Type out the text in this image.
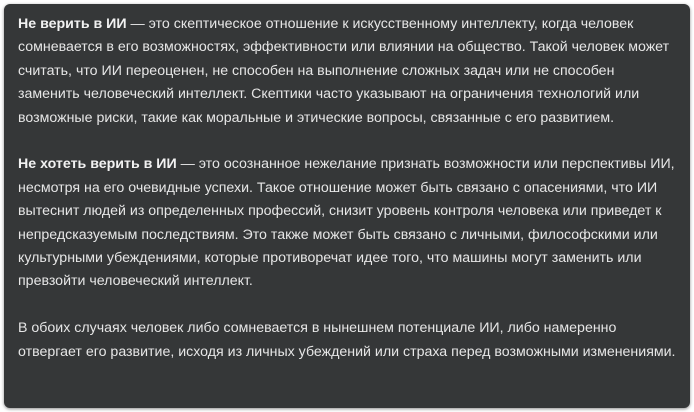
Не верить в ИИ — это скептическое отношение к искусственному интеллекту, когда человек сомневается в его возможностях, эффективности или влиянии на общество. Такой человек может считать, что ИИ переоценен, не способен на выполнение сложных задач или не способен заменить человеческий интеллект. Скептики часто указывают на ограничения технологий или возможные риски, такие как моральные и этические вопросы, связанные с его развитием.

Не хотеть верить в ИИ — это осознанное нежелание признать возможности или перспективы ИИ, несмотря на его очевидные успехи. Такое отношение может быть связано с опасениями, что ИИ вытеснит людей из определенных профессий, снизит уровень контроля человека или приведет к непредсказуемым последствиям. Это также может быть связано с личными, философскими или культурными убеждениями, которые противоречат идее того, что машины могут заменить или превзойти человеческий интеллект.

В обоих случаях человек либо сомневается в нынешнем потенциале ИИ, либо намеренно отвергает его развитие, исходя из личных убеждений или страха перед возможными изменениями.
